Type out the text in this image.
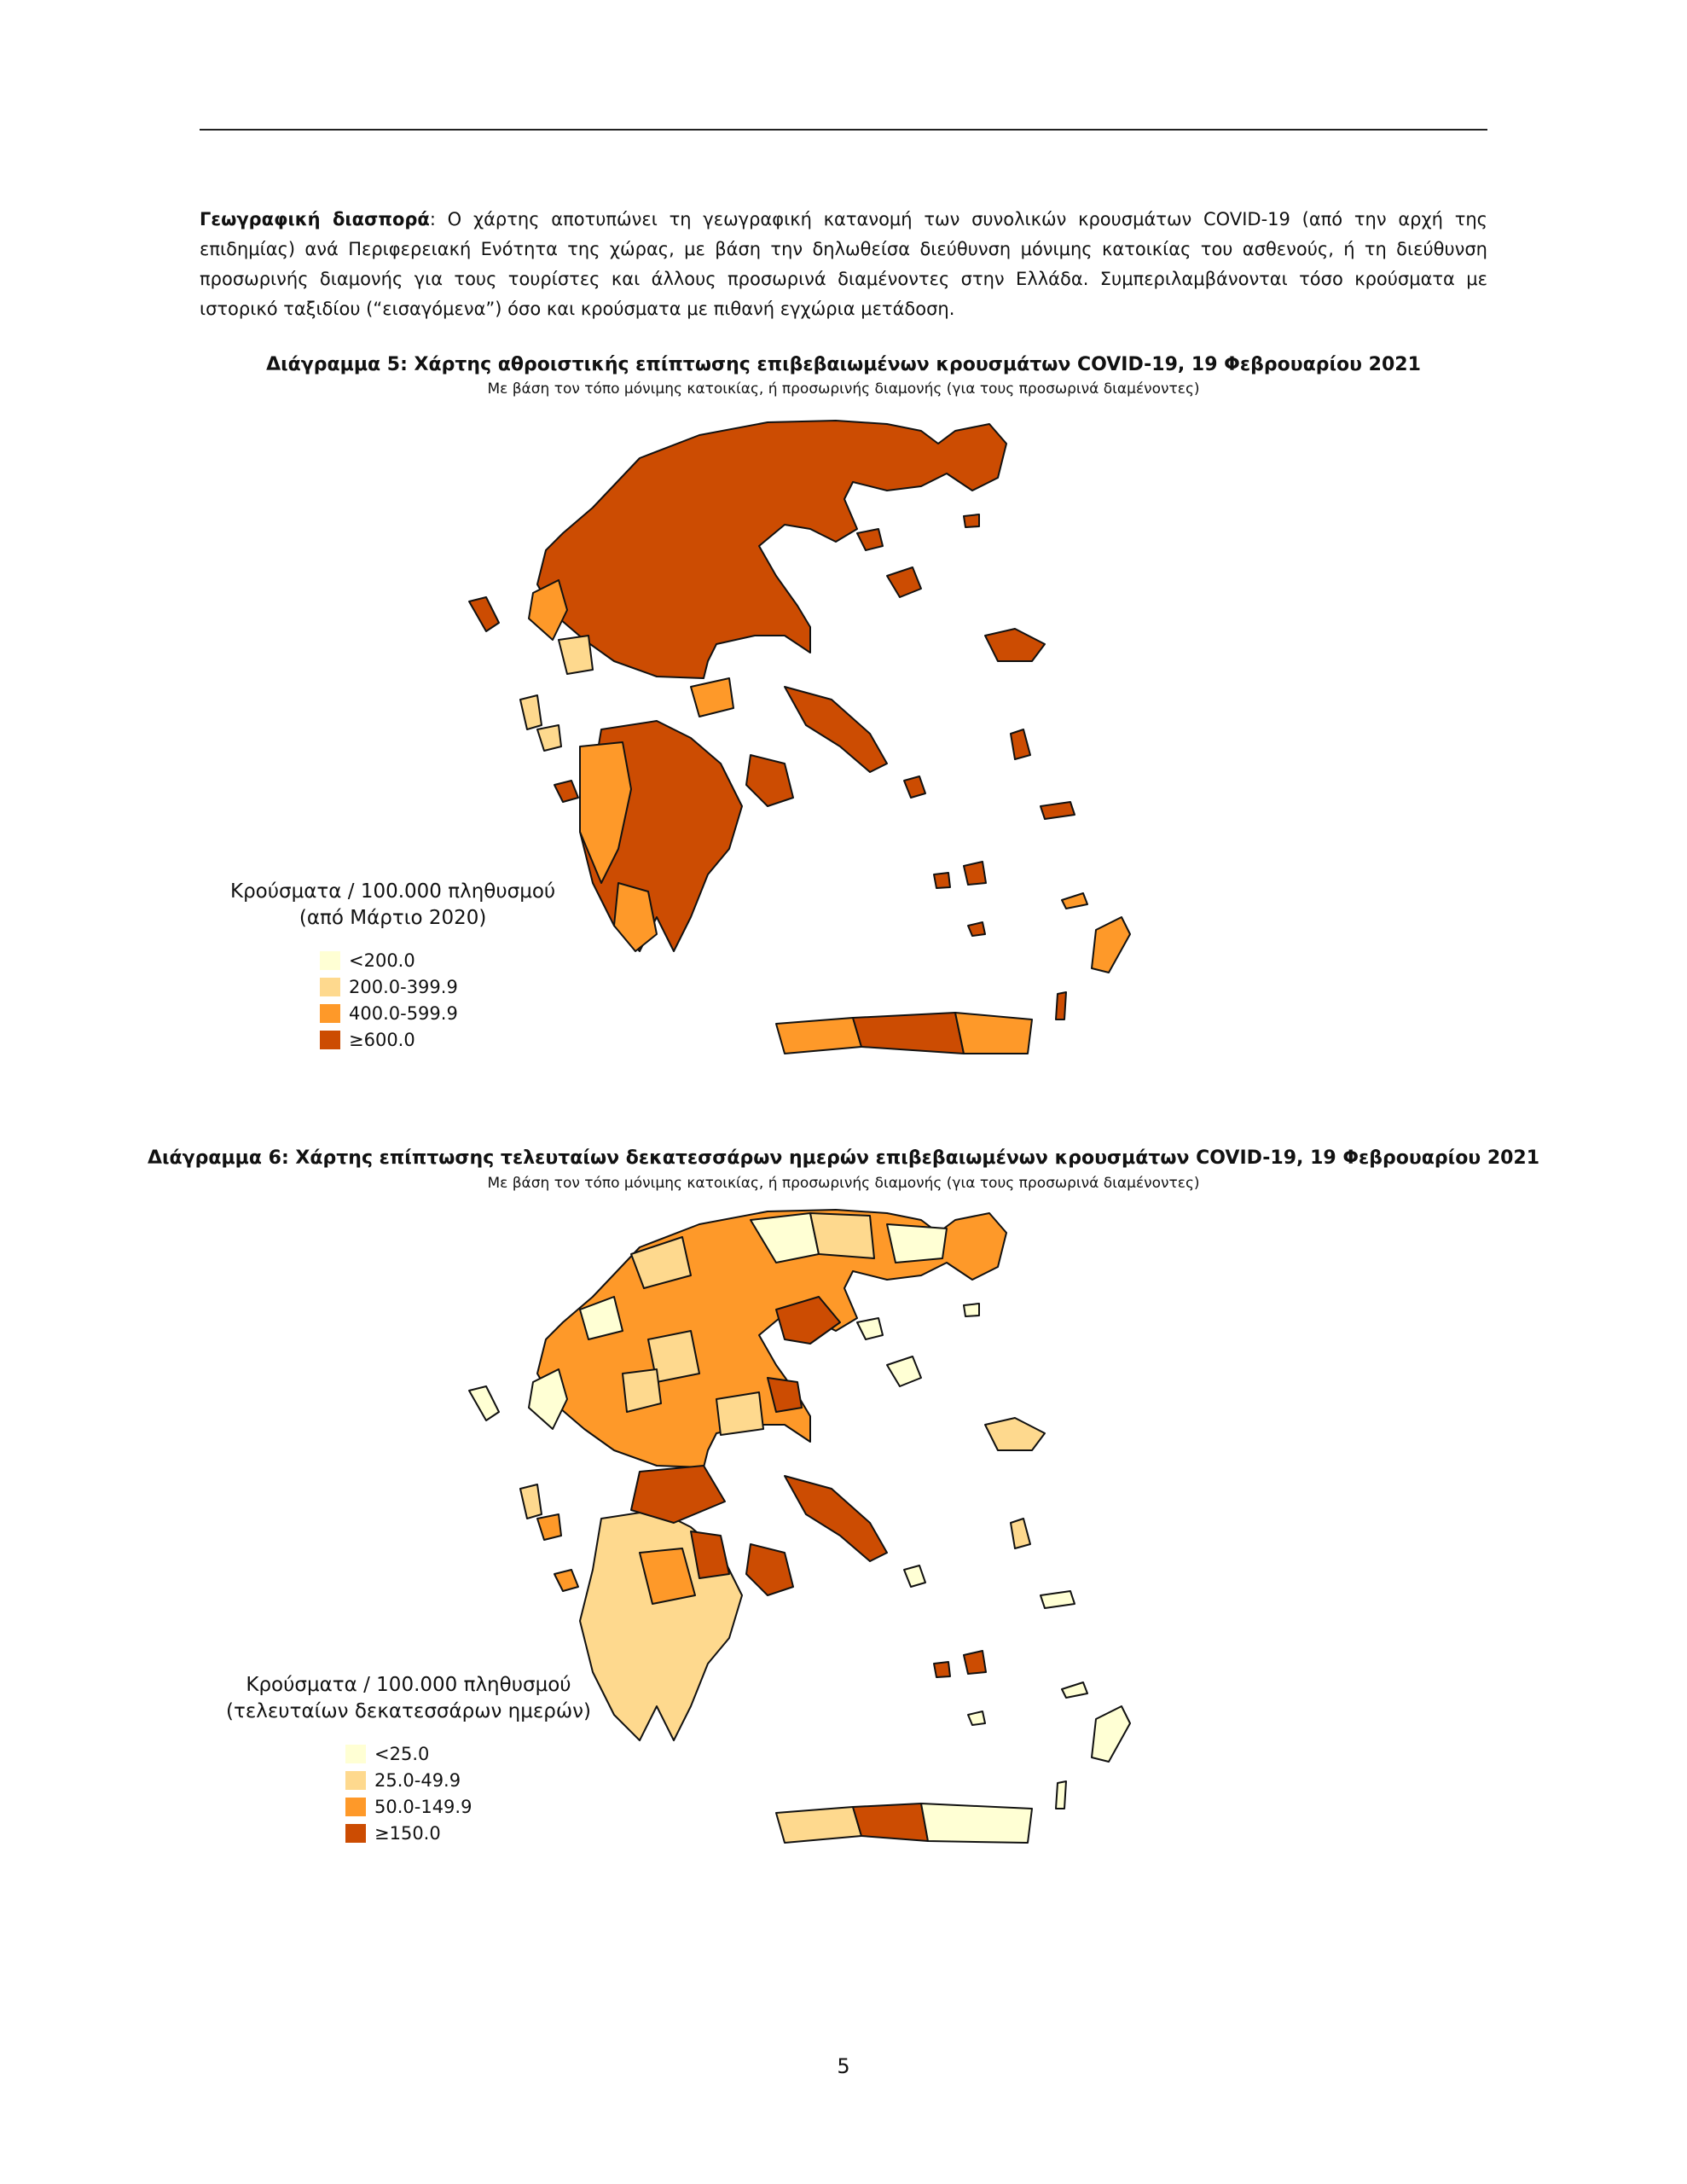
Γεωγραφική διασπορά: Ο χάρτης αποτυπώνει τη γεωγραφική κατανομή των συνολικών κρουσμάτων COVID-19 (από την αρχή της επιδημίας) ανά Περιφερειακή Ενότητα της χώρας, με βάση την δηλωθείσα διεύθυνση μόνιμης κατοικίας του ασθενούς, ή τη διεύθυνση προσωρινής διαμονής για τους τουρίστες και άλλους προσωρινά διαμένοντες στην Ελλάδα. Συμπεριλαμβάνονται τόσο κρούσματα με ιστορικό ταξιδίου (“εισαγόμενα”) όσο και κρούσματα με πιθανή εγχώρια μετάδοση.
Διάγραμμα 5: Χάρτης αθροιστικής επίπτωσης επιβεβαιωμένων κρουσμάτων COVID-19, 19 Φεβρουαρίου 2021
Με βάση τον τόπο μόνιμης κατοικίας, ή προσωρινής διαμονής (για τους προσωρινά διαμένοντες)
Κρούσματα / 100.000 πληθυσμού
(από Μάρτιο 2020)
<200.0
200.0-399.9
400.0-599.9
≥600.0
Διάγραμμα 6: Χάρτης επίπτωσης τελευταίων δεκατεσσάρων ημερών επιβεβαιωμένων κρουσμάτων COVID-19, 19 Φεβρουαρίου 2021
Με βάση τον τόπο μόνιμης κατοικίας, ή προσωρινής διαμονής (για τους προσωρινά διαμένοντες)
Κρούσματα / 100.000 πληθυσμού
(τελευταίων δεκατεσσάρων ημερών)
<25.0
25.0-49.9
50.0-149.9
≥150.0
5
